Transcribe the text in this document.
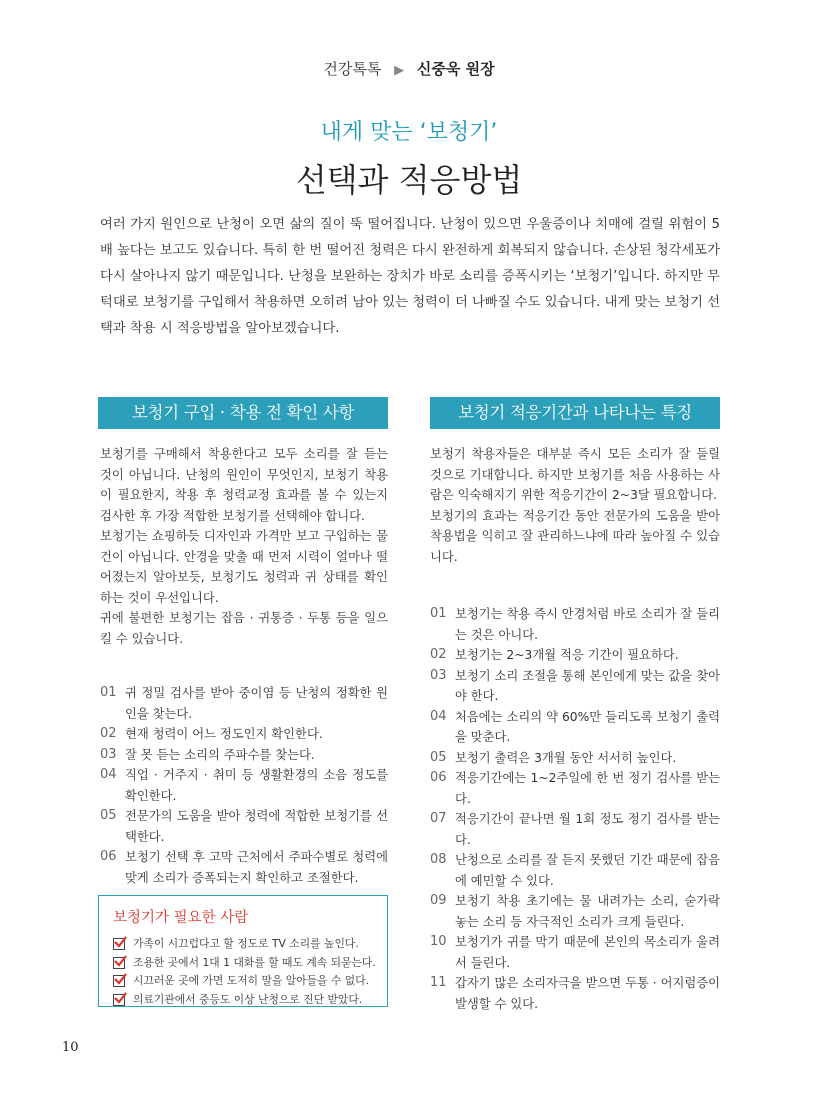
건강톡톡 ▶ 신중욱 원장
내게 맞는 ‘보청기’
선택과 적응방법

여러 가지 원인으로 난청이 오면 삶의 질이 뚝 떨어집니다. 난청이 있으면 우울증이나 치매에 걸릴 위험이 5배 높다는 보고도 있습니다. 특히 한 번 떨어진 청력은 다시 완전하게 회복되지 않습니다. 손상된 청각세포가 다시 살아나지 않기 때문입니다. 난청을 보완하는 장치가 바로 소리를 증폭시키는 ‘보청기’입니다. 하지만 무턱대로 보청기를 구입해서 착용하면 오히려 남아 있는 청력이 더 나빠질 수도 있습니다. 내게 맞는 보청기 선택과 착용 시 적응방법을 알아보겠습니다.

보청기 구입 · 착용 전 확인 사항

보청기를 구매해서 착용한다고 모두 소리를 잘 듣는 것이 아닙니다. 난청의 원인이 무엇인지, 보청기 착용이 필요한지, 착용 후 청력교정 효과를 볼 수 있는지 검사한 후 가장 적합한 보청기를 선택해야 합니다.

보청기는 쇼핑하듯 디자인과 가격만 보고 구입하는 물건이 아닙니다. 안경을 맞출 때 먼저 시력이 얼마나 떨어졌는지 알아보듯, 보청기도 청력과 귀 상태를 확인하는 것이 우선입니다.

귀에 불편한 보청기는 잡음 · 귀통증 · 두통 등을 일으킬 수 있습니다.

01 귀 정밀 검사를 받아 중이염 등 난청의 정확한 원인을 찾는다.
02 현재 청력이 어느 정도인지 확인한다.
03 잘 못 듣는 소리의 주파수를 찾는다.
04 직업 · 거주지 · 취미 등 생활환경의 소음 정도를 확인한다.
05 전문가의 도움을 받아 청력에 적합한 보청기를 선택한다.
06 보청기 선택 후 고막 근처에서 주파수별로 청력에 맞게 소리가 증폭되는지 확인하고 조절한다.
보청기가 필요한 사람
가족이 시끄럽다고 할 정도로 TV 소리를 높인다.
조용한 곳에서 1대 1 대화를 할 때도 계속 되묻는다.
시끄러운 곳에 가면 도저히 말을 알아들을 수 없다.
의료기관에서 중등도 이상 난청으로 진단 받았다.
보청기 적응기간과 나타나는 특징

보청기 착용자들은 대부분 즉시 모든 소리가 잘 들릴 것으로 기대합니다. 하지만 보청기를 처음 사용하는 사람은 익숙해지기 위한 적응기간이 2~3달 필요합니다.

보청기의 효과는 적응기간 동안 전문가의 도움을 받아 착용법을 익히고 잘 관리하느냐에 따라 높아질 수 있습니다.

01 보청기는 착용 즉시 안경처럼 바로 소리가 잘 들리는 것은 아니다.
02 보청기는 2~3개월 적응 기간이 필요하다.
03 보청기 소리 조절을 통해 본인에게 맞는 값을 찾아야 한다.
04 처음에는 소리의 약 60%만 들리도록 보청기 출력을 맞춘다.
05 보청기 출력은 3개월 동안 서서히 높인다.
06 적응기간에는 1~2주일에 한 번 정기 검사를 받는다.
07 적응기간이 끝나면 월 1회 정도 정기 검사를 받는다.
08 난청으로 소리를 잘 듣지 못했던 기간 때문에 잡음에 예민할 수 있다.
09 보청기 착용 초기에는 물 내려가는 소리, 숟가락 놓는 소리 등 자극적인 소리가 크게 들린다.
10 보청기가 귀를 막기 때문에 본인의 목소리가 울려서 들린다.
11 갑자기 많은 소리자극을 받으면 두통 · 어지럼증이 발생할 수 있다.
10
